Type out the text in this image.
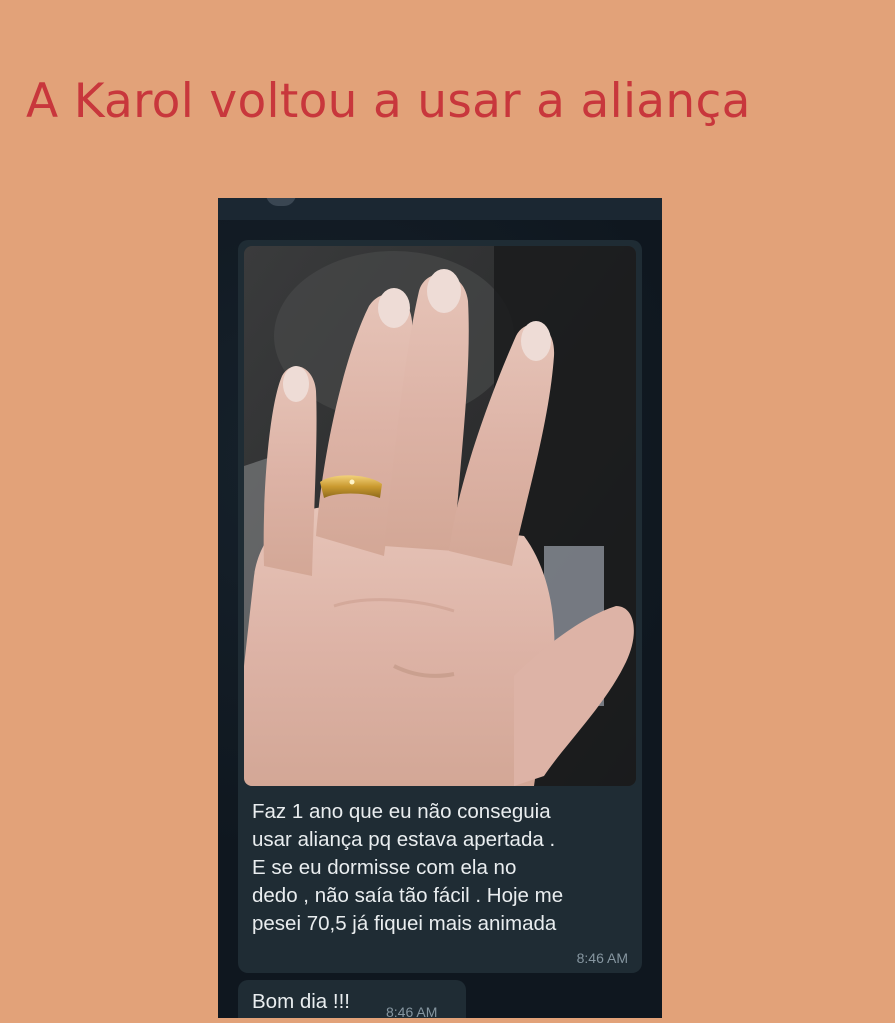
A Karol voltou a usar a aliança

Faz 1 ano que eu não conseguia
usar aliança pq estava apertada .
E se eu dormisse com ela no
dedo , não saía tão fácil . Hoje me
pesei 70,5 já fiquei mais animada

8:46 AM
Bom dia !!!	8:46 AM
